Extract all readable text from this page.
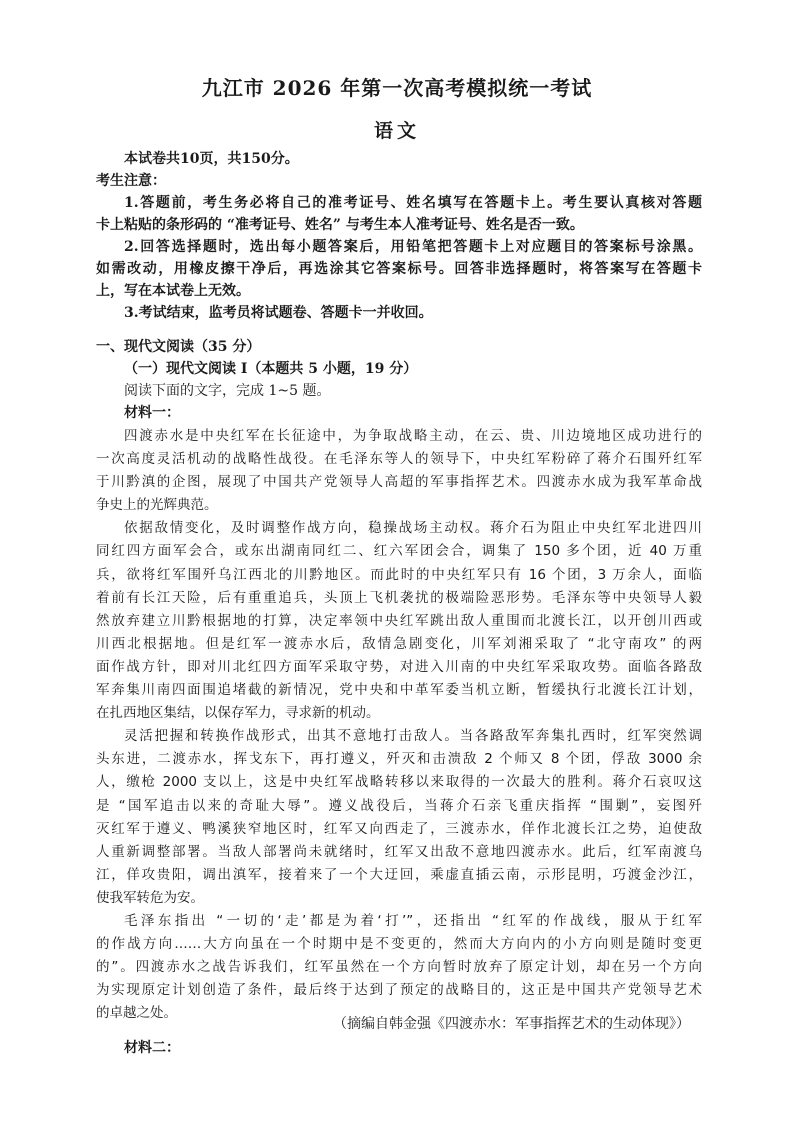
九江市 2026 年第一次高考模拟统一考试
语文
本试卷共10页，共150分。
考生注意：
1.答题前，考生务必将自己的准考证号、姓名填写在答题卡上。考生要认真核对答题
卡上粘贴的条形码的 “准考证号、姓名” 与考生本人准考证号、姓名是否一致。
2.回答选择题时，选出每小题答案后，用铅笔把答题卡上对应题目的答案标号涂黑。
如需改动，用橡皮擦干净后，再选涂其它答案标号。回答非选择题时，将答案写在答题卡
上，写在本试卷上无效。
3.考试结束，监考员将试题卷、答题卡一并收回。
一、现代文阅读（35 分）
（一）现代文阅读 I（本题共 5 小题，19 分）
阅读下面的文字，完成 1~5 题。
材料一：
四渡赤水是中央红军在长征途中，为争取战略主动，在云、贵、川边境地区成功进行的
一次高度灵活机动的战略性战役。在毛泽东等人的领导下，中央红军粉碎了蒋介石围歼红军
于川黔滇的企图，展现了中国共产党领导人高超的军事指挥艺术。四渡赤水成为我军革命战
争史上的光辉典范。
依据敌情变化，及时调整作战方向，稳操战场主动权。蒋介石为阻止中央红军北进四川
同红四方面军会合，或东出湖南同红二、红六军团会合，调集了 150 多个团，近 40 万重
兵，欲将红军围歼乌江西北的川黔地区。而此时的中央红军只有 16 个团，3 万余人，面临
着前有长江天险，后有重重追兵，头顶上飞机袭扰的极端险恶形势。毛泽东等中央领导人毅
然放弃建立川黔根据地的打算，决定率领中央红军跳出敌人重围而北渡长江，以开创川西或
川西北根据地。但是红军一渡赤水后，敌情急剧变化，川军刘湘采取了 “北守南攻” 的两
面作战方针，即对川北红四方面军采取守势，对进入川南的中央红军采取攻势。面临各路敌
军奔集川南四面围追堵截的新情况，党中央和中革军委当机立断，暂缓执行北渡长江计划，
在扎西地区集结，以保存军力，寻求新的机动。
灵活把握和转换作战形式，出其不意地打击敌人。当各路敌军奔集扎西时，红军突然调
头东进，二渡赤水，挥戈东下，再打遵义，歼灭和击溃敌 2 个师又 8 个团，俘敌 3000 余
人，缴枪 2000 支以上，这是中央红军战略转移以来取得的一次最大的胜利。蒋介石哀叹这
是 “国军追击以来的奇耻大辱”。遵义战役后，当蒋介石亲飞重庆指挥 “围剿”，妄图歼
灭红军于遵义、鸭溪狭窄地区时，红军又向西走了，三渡赤水，佯作北渡长江之势，迫使敌
人重新调整部署。当敌人部署尚未就绪时，红军又出敌不意地四渡赤水。此后，红军南渡乌
江，佯攻贵阳，调出滇军，接着来了一个大迂回，乘虚直插云南，示形昆明，巧渡金沙江，
使我军转危为安。
毛泽东指出 “一切的‘走’都是为着‘打’”，还指出 “红军的作战线，服从于红军
的作战方向……大方向虽在一个时期中是不变更的，然而大方向内的小方向则是随时变更
的”。四渡赤水之战告诉我们，红军虽然在一个方向暂时放弃了原定计划，却在另一个方向
为实现原定计划创造了条件，最后终于达到了预定的战略目的，这正是中国共产党领导艺术
的卓越之处。
（摘编自韩金强《四渡赤水：军事指挥艺术的生动体现》）
材料二：
